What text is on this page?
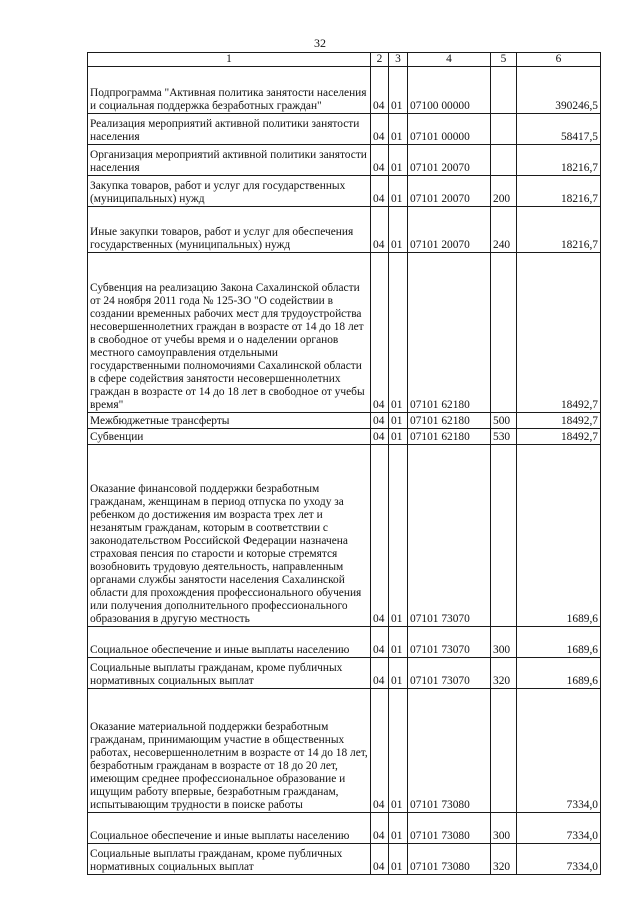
32
1	2	3	4	5	6
Подпрограмма "Активная политика занятости населения и социальная поддержка безработных граждан"	04	01	07100 00000		390246,5
Реализация мероприятий активной политики занятости населения	04	01	07101 00000		58417,5
Организация мероприятий активной политики занятости населения	04	01	07101 20070		18216,7
Закупка товаров, работ и услуг для государственных (муниципальных) нужд	04	01	07101 20070	200	18216,7
Иные закупки товаров, работ и услуг для обеспечения государственных (муниципальных) нужд	04	01	07101 20070	240	18216,7
Субвенция на реализацию Закона Сахалинской области от 24 ноября 2011 года № 125-ЗО "О содействии в создании временных рабочих мест для трудоустройства несовершеннолетних граждан в возрасте от 14 до 18 лет в свободное от учебы время и о наделении органов местного самоуправления отдельными государственными полномочиями Сахалинской области в сфере содействия занятости несовершеннолетних граждан в возрасте от 14 до 18 лет в свободное от учебы время"	04	01	07101 62180		18492,7
Межбюджетные трансферты	04	01	07101 62180	500	18492,7
Субвенции	04	01	07101 62180	530	18492,7
Оказание финансовой поддержки безработным гражданам, женщинам в период отпуска по уходу за ребенком до достижения им возраста трех лет и незанятым гражданам, которым в соответствии с законодательством Российской Федерации назначена страховая пенсия по старости и которые стремятся возобновить трудовую деятельность, направленным органами службы занятости населения Сахалинской области для прохождения профессионального обучения или получения дополнительного профессионального образования в другую местность	04	01	07101 73070		1689,6
Социальное обеспечение и иные выплаты населению	04	01	07101 73070	300	1689,6
Социальные выплаты гражданам, кроме публичных нормативных социальных выплат	04	01	07101 73070	320	1689,6
Оказание материальной поддержки безработным гражданам, принимающим участие в общественных работах, несовершеннолетним в возрасте от 14 до 18 лет, безработным гражданам в возрасте от 18 до 20 лет, имеющим среднее профессиональное образование и ищущим работу впервые, безработным гражданам, испытывающим трудности в поиске работы	04	01	07101 73080		7334,0
Социальное обеспечение и иные выплаты населению	04	01	07101 73080	300	7334,0
Социальные выплаты гражданам, кроме публичных нормативных социальных выплат	04	01	07101 73080	320	7334,0
